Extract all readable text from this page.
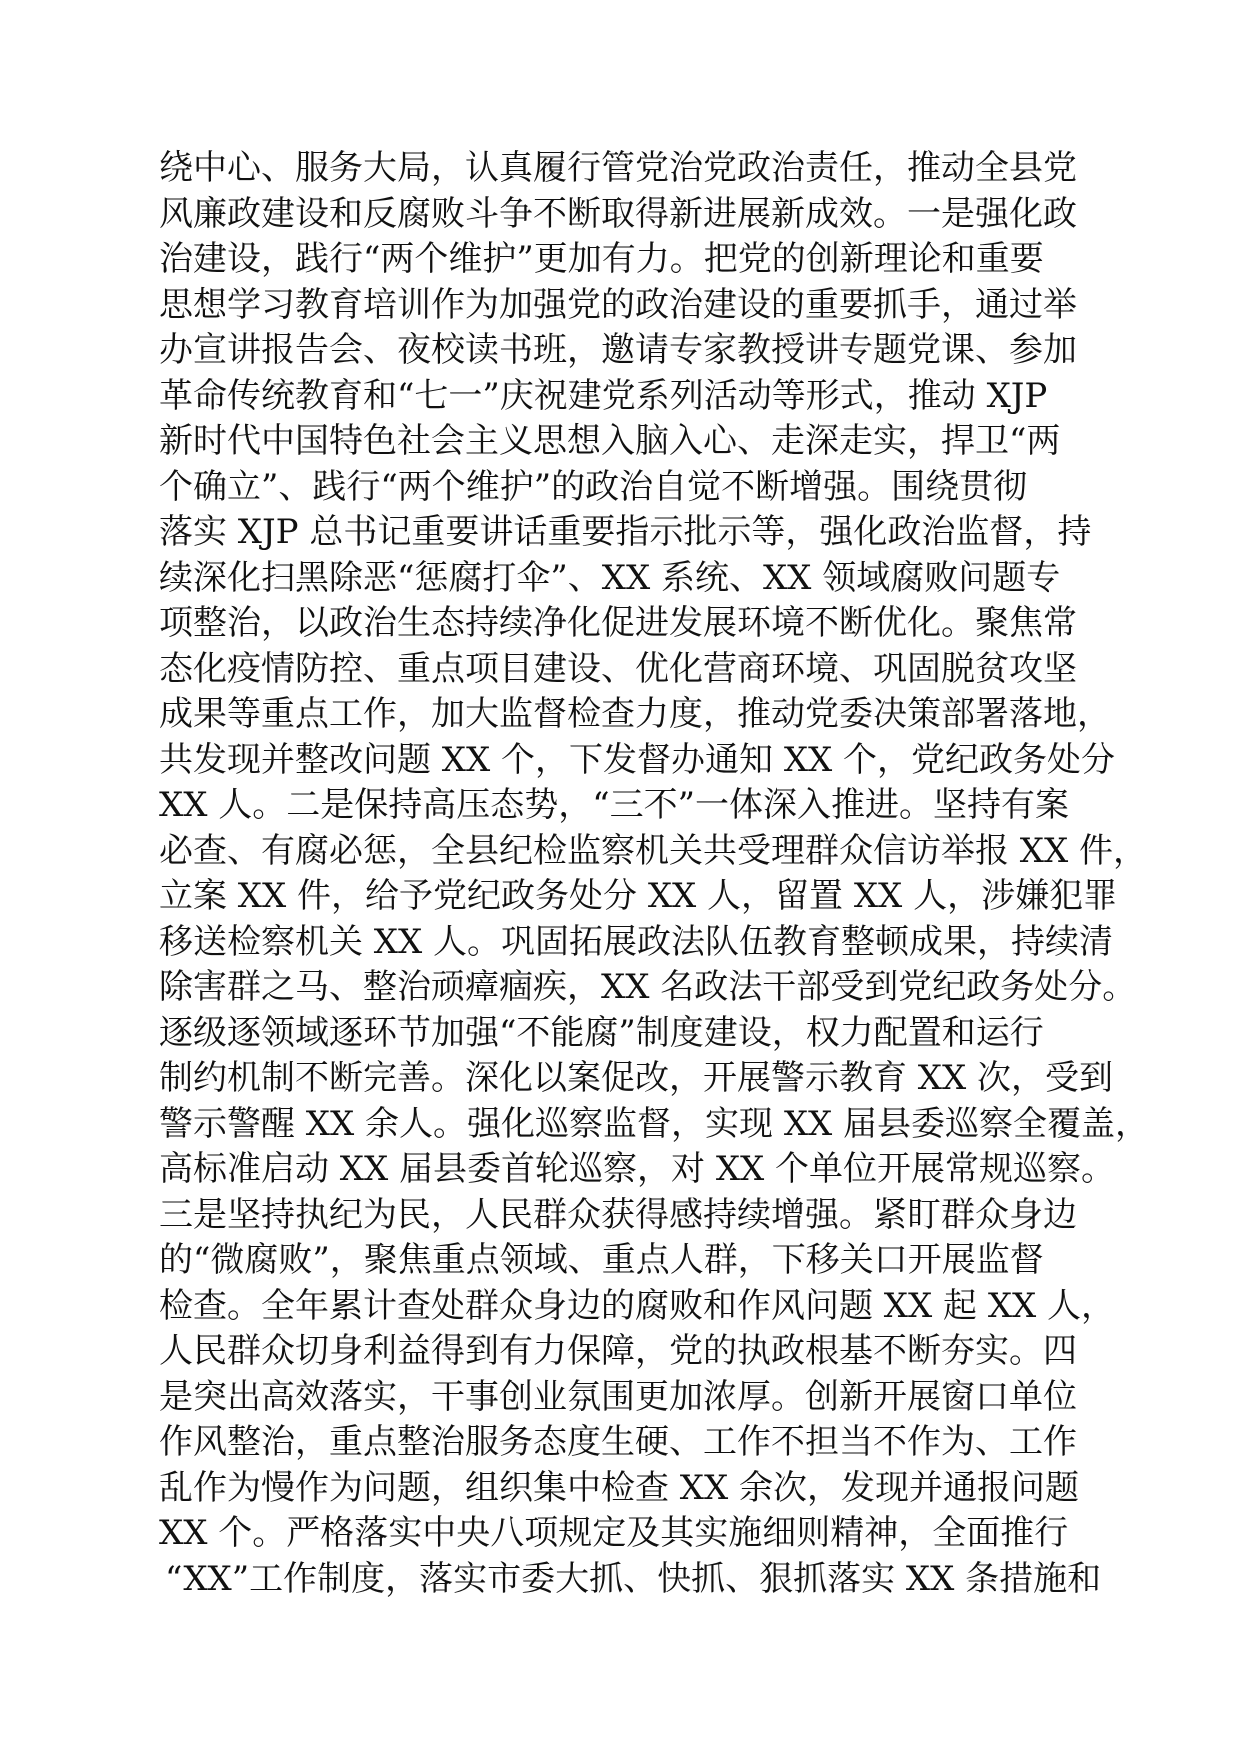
绕中心、服务大局，认真履行管党治党政治责任，推动全县党
风廉政建设和反腐败斗争不断取得新进展新成效。一是强化政
治建设，践行“两个维护”更加有力。把党的创新理论和重要
思想学习教育培训作为加强党的政治建设的重要抓手，通过举
办宣讲报告会、夜校读书班，邀请专家教授讲专题党课、参加
革命传统教育和“七一”庆祝建党系列活动等形式，推动 XJP
新时代中国特色社会主义思想入脑入心、走深走实，捍卫“两
个确立”、践行“两个维护”的政治自觉不断增强。围绕贯彻
落实 XJP 总书记重要讲话重要指示批示等，强化政治监督，持
续深化扫黑除恶“惩腐打伞”、XX 系统、XX 领域腐败问题专
项整治，以政治生态持续净化促进发展环境不断优化。聚焦常
态化疫情防控、重点项目建设、优化营商环境、巩固脱贫攻坚
成果等重点工作，加大监督检查力度，推动党委决策部署落地，
共发现并整改问题 XX 个，下发督办通知 XX 个，党纪政务处分
XX 人。二是保持高压态势，“三不”一体深入推进。坚持有案
必查、有腐必惩，全县纪检监察机关共受理群众信访举报 XX 件，
立案 XX 件，给予党纪政务处分 XX 人，留置 XX 人，涉嫌犯罪
移送检察机关 XX 人。巩固拓展政法队伍教育整顿成果，持续清
除害群之马、整治顽瘴痼疾，XX 名政法干部受到党纪政务处分。
逐级逐领域逐环节加强“不能腐”制度建设，权力配置和运行
制约机制不断完善。深化以案促改，开展警示教育 XX 次，受到
警示警醒 XX 余人。强化巡察监督，实现 XX 届县委巡察全覆盖，
高标准启动 XX 届县委首轮巡察，对 XX 个单位开展常规巡察。
三是坚持执纪为民，人民群众获得感持续增强。紧盯群众身边
的“微腐败”，聚焦重点领域、重点人群，下移关口开展监督
检查。全年累计查处群众身边的腐败和作风问题 XX 起 XX 人，
人民群众切身利益得到有力保障，党的执政根基不断夯实。四
是突出高效落实，干事创业氛围更加浓厚。创新开展窗口单位
作风整治，重点整治服务态度生硬、工作不担当不作为、工作
乱作为慢作为问题，组织集中检查 XX 余次，发现并通报问题
XX 个。严格落实中央八项规定及其实施细则精神，全面推行
“XX”工作制度，落实市委大抓、快抓、狠抓落实 XX 条措施和
